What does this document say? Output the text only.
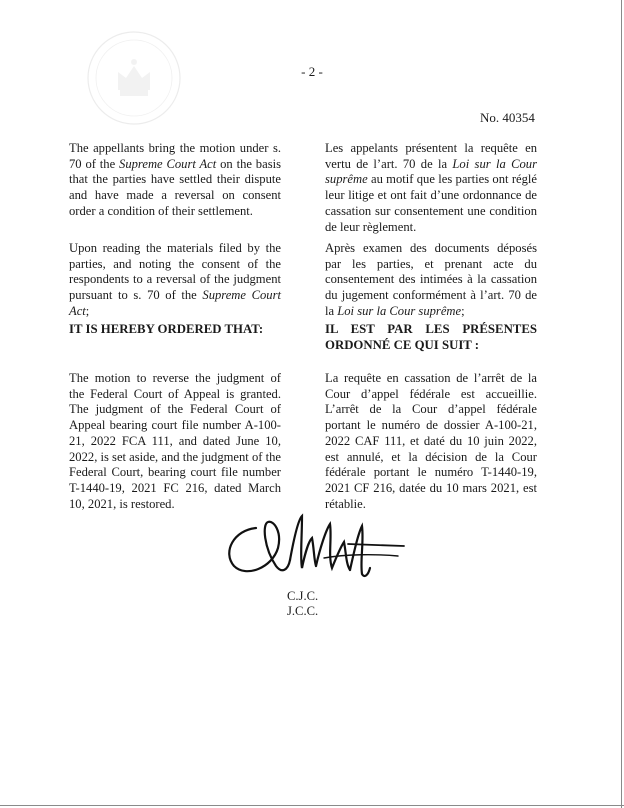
- 2 -
No. 40354

The appellants bring the motion under s. 70 of the Supreme Court Act on the basis that the parties have settled their dispute and have made a reversal on consent order a condition of their settlement.

Upon reading the materials filed by the parties, and noting the consent of the respondents to a reversal of the judgment pursuant to s. 70 of the Supreme Court Act;

IT IS HEREBY ORDERED THAT:

The motion to reverse the judgment of the Federal Court of Appeal is granted. The judgment of the Federal Court of Appeal bearing court file number A-100-21, 2022 FCA 111, and dated June 10, 2022, is set aside, and the judgment of the Federal Court, bearing court file number T-1440-19, 2021 FC 216, dated March 10, 2021, is restored.

Les appelants présentent la requête en vertu de l’art. 70 de la Loi sur la Cour suprême au motif que les parties ont réglé leur litige et ont fait d’une ordonnance de cassation sur consentement une condition de leur règlement.

Après examen des documents déposés par les parties, et prenant acte du consentement des intimées à la cassation du jugement conformément à l’art. 70 de la Loi sur la Cour suprême;

IL EST PAR LES PRÉSENTES
ORDONNÉ CE QUI SUIT :

La requête en cassation de l’arrêt de la Cour d’appel fédérale est accueillie. L’arrêt de la Cour d’appel fédérale portant le numéro de dossier A-100-21, 2022 CAF 111, et daté du 10 juin 2022, est annulé, et la décision de la Cour fédérale portant le numéro T-1440-19, 2021 CF 216, datée du 10 mars 2021, est rétablie.

C.J.C.
J.C.C.
